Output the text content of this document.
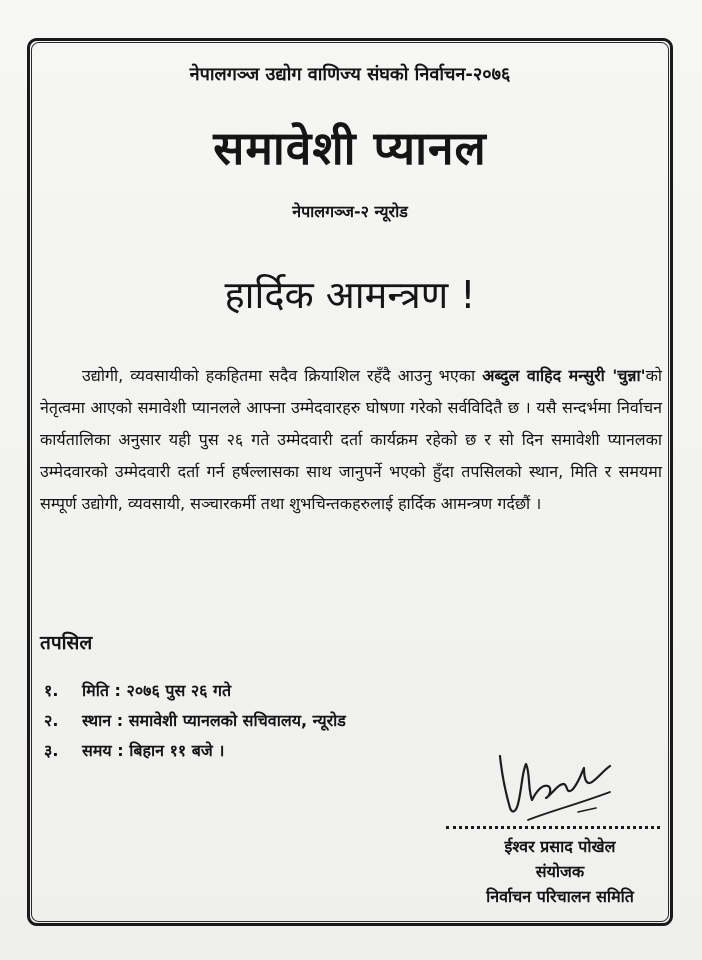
नेपालगञ्ज उद्योग वाणिज्य संघको निर्वाचन-२०७६
समावेशी प्यानल
नेपालगञ्ज-२ न्यूरोड
हार्दिक आमन्त्रण !

उद्योगी, व्यवसायीको हकहितमा सदैव क्रियाशिल रहँदै आउनु भएका अब्दुल वाहिद मन्सुरी 'चुन्ना'को नेतृत्वमा आएको समावेशी प्यानलले आफ्ना उम्मेदवारहरु घोषणा गरेको सर्वविदितै छ । यसै सन्दर्भमा निर्वाचन कार्यतालिका अनुसार यही पुस २६ गते उम्मेदवारी दर्ता कार्यक्रम रहेको छ र सो दिन समावेशी प्यानलका उम्मेदवारको उम्मेदवारी दर्ता गर्न हर्षल्लासका साथ जानुपर्ने भएको हुँदा तपसिलको स्थान, मिति र समयमा सम्पूर्ण उद्योगी, व्यवसायी, सञ्चारकर्मी तथा शुभचिन्तकहरुलाई हार्दिक आमन्त्रण गर्दछौं ।

तपसिल
१. मिति : २०७६ पुस २६ गते
२. स्थान : समावेशी प्यानलको सचिवालय, न्यूरोड
३. समय : बिहान ११ बजे ।
ईश्वर प्रसाद पोखेल
संयोजक
निर्वाचन परिचालन समिति
